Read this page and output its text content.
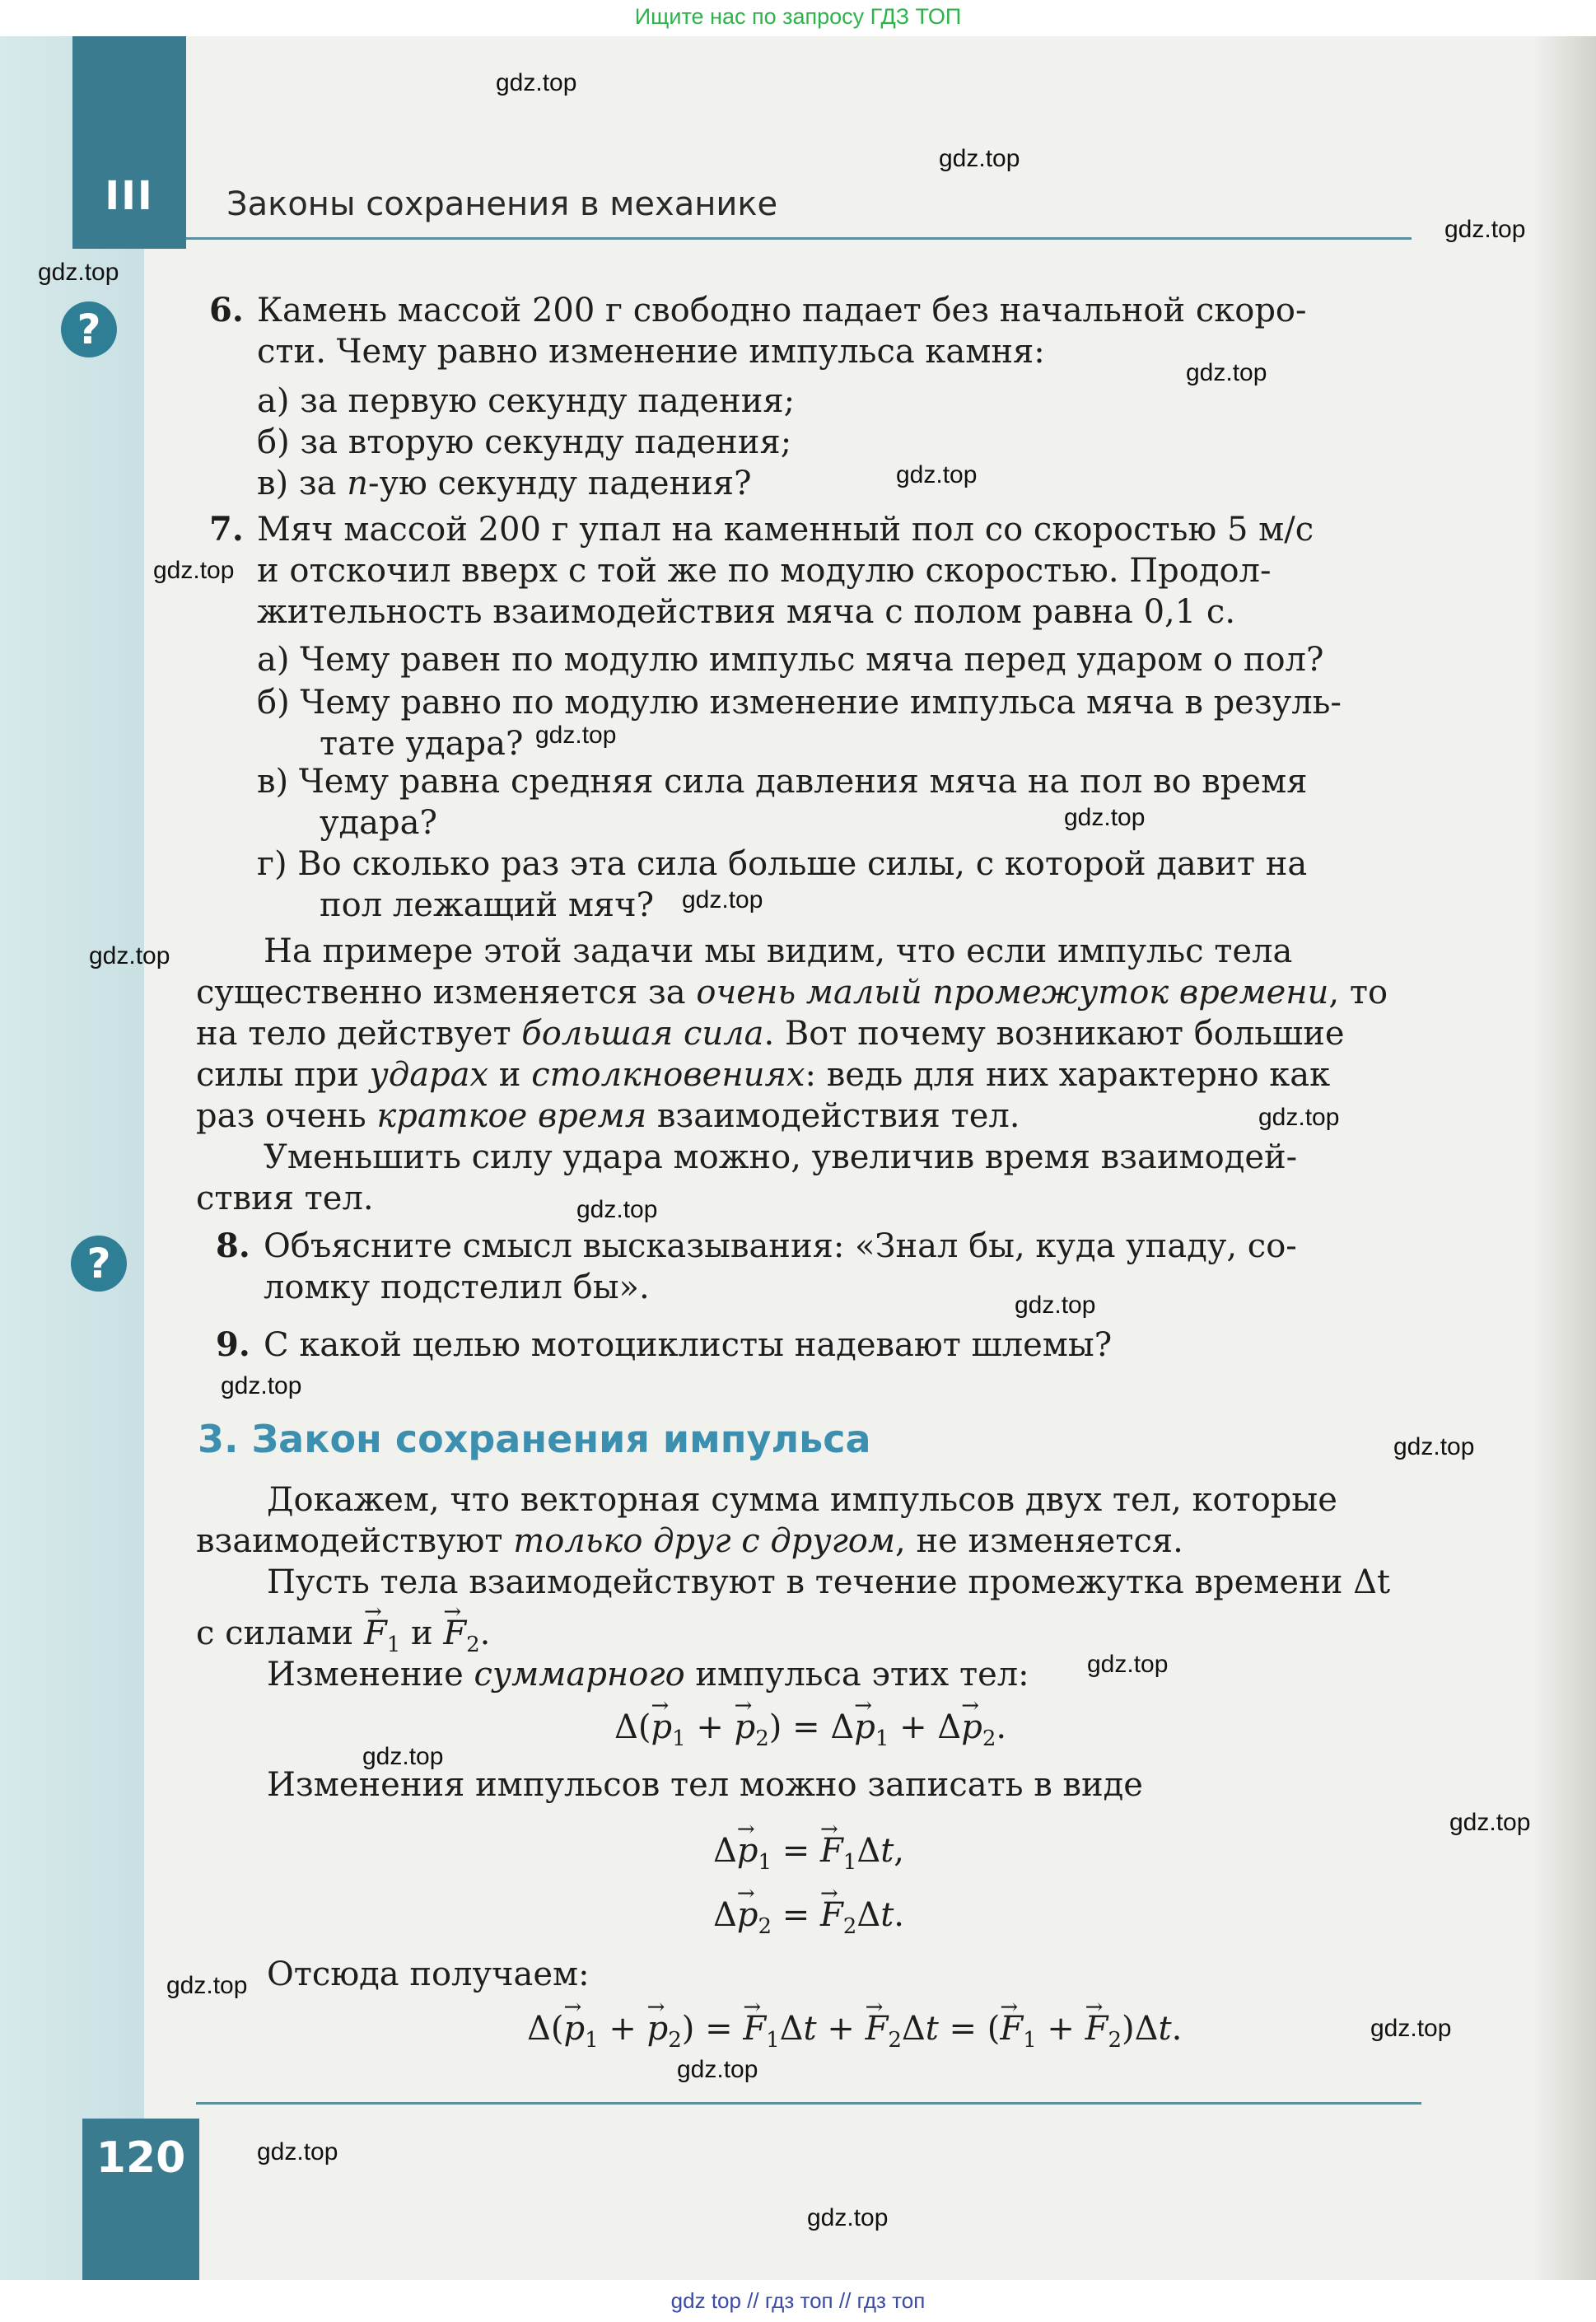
Ищите нас по запросу ГДЗ ТОП
III	Законы сохранения в механике
?
?
6. Камень массой 200 г свободно падает без начальной скоро-
сти. Чему равно изменение импульса камня:
а) за первую секунду падения;
б) за вторую секунду падения;
в) за n-ую секунду падения?
7. Мяч массой 200 г упал на каменный пол со скоростью 5 м/с
и отскочил вверх с той же по модулю скоростью. Продол-
жительность взаимодействия мяча с полом равна 0,1 с.
а) Чему равен по модулю импульс мяча перед ударом о пол?
б) Чему равно по модулю изменение импульса мяча в резуль-
тате удара?
в) Чему равна средняя сила давления мяча на пол во время
удара?
г) Во сколько раз эта сила больше силы, с которой давит на
пол лежащий мяч?
На примере этой задачи мы видим, что если импульс тела
существенно изменяется за очень малый промежуток времени, то
на тело действует большая сила. Вот почему возникают большие
силы при ударах и столкновениях: ведь для них характерно как
раз очень краткое время взаимодействия тел.
Уменьшить силу удара можно, увеличив время взаимодей-
ствия тел.
8. Объясните смысл высказывания: «Знал бы, куда упаду, со-
ломку подстелил бы».
9. С какой целью мотоциклисты надевают шлемы?
3. Закон сохранения импульса
Докажем, что векторная сумма импульсов двух тел, которые
взаимодействуют только друг с другом, не изменяется.
Пусть тела взаимодействуют в течение промежутка времени Δt
с силами → $F_1$ $и \to F_2$.
Изменение суммарного импульса этих тел:
$\Delta(\to p_1$ + → $p_2) = \Delta\to p_1 + \Delta\to p_2$.
Изменения импульсов тел можно записать в виде
$\Delta\to p_1$ = → $F_1\Delta t$,
$\Delta\to p_2$ = → $F_2\Delta t$.
Отсюда получаем:
$\Delta(\to p_1$ + → $p_2$) = → $F_1\Delta t$ + → $F_2\Delta t$ = (→ $F_1$ + → $F_2)\Delta t$.
120
gdz.top
gdz.top
gdz.top
gdz.top
gdz.top
gdz.top
gdz.top
gdz.top
gdz.top
gdz.top
gdz.top
gdz.top
gdz.top
gdz.top
gdz.top
gdz.top
gdz.top
gdz.top
gdz.top
gdz.top
gdz.top
gdz.top
gdz.top
gdz.top
gdz top // гдз топ // гдз топ
